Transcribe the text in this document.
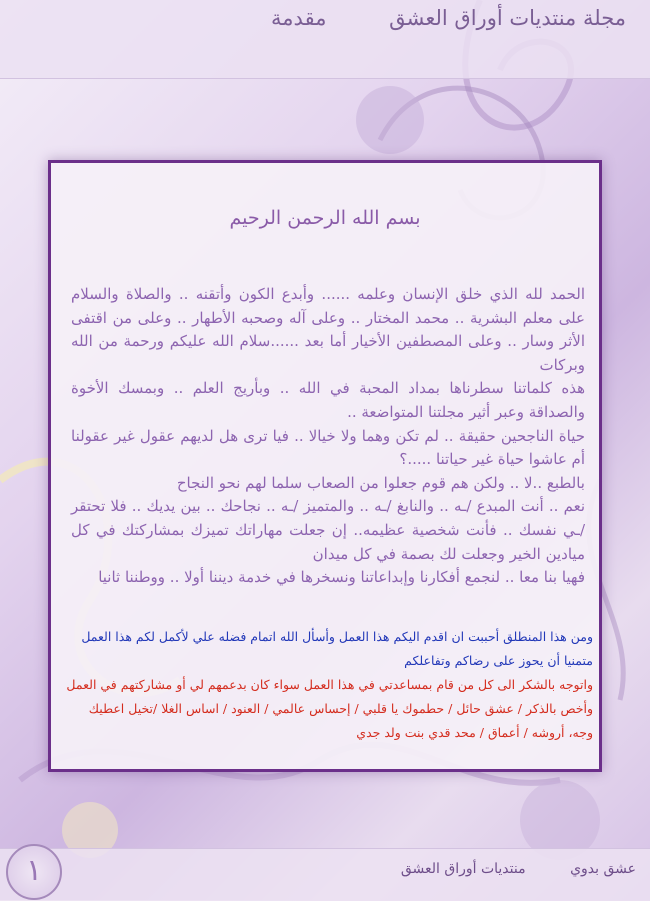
مجلة منتديات أوراق العشق مقدمة
بسم الله الرحمن الرحيم

الحمد لله الذي خلق الإنسان وعلمه ...... وأبدع الكون وأتقنه .. والصلاة والسلام على معلم البشرية .. محمد المختار .. وعلى آله وصحبه الأطهار .. وعلى من اقتفى الأثر وسار .. وعلى المصطفين الأخيار أما بعد ......سلام الله عليكم ورحمة من الله وبركات

هذه كلماتنا سطرناها بمداد المحبة في الله .. وبأريج العلم .. وبمسك الأخوة والصداقة وعبر أثير مجلتنا المتواضعة ..

حياة الناجحين حقيقة .. لم تكن وهما ولا خيالا .. فيا ترى هل لديهم عقول غير عقولنا أم عاشوا حياة غير حياتنا .....؟

بالطبع ..لا .. ولكن هم قوم جعلوا من الصعاب سلما لهم نحو النجاح

نعم .. أنت المبدع /ـه .. والنابغ /ـه .. والمتميز /ـه .. نجاحك .. بين يديك .. فلا تحتقر /ـي نفسك .. فأنت شخصية عظيمه.. إن جعلت مهاراتك تميزك بمشاركتك في كل ميادين الخير وجعلت لك بصمة في كل ميدان

فهيا بنا معا .. لنجمع أفكارنا وإبداعاتنا ونسخرها في خدمة ديننا أولا .. ووطننا ثانيا

ومن هذا المنطلق أحببت ان اقدم اليكم هذا العمل وأسأل الله اتمام فضله علي لأكمل لكم هذا العمل متمنيا أن يحوز على رضاكم وتفاعلكم
واتوجه بالشكر الى كل من قام بمساعدتي في هذا العمل سواء كان بدعمهم لي أو مشاركتهم في العمل وأخص بالذكر / عشق حائل / حطموك يا قلبي / إحساس عالمي / العنود / اساس الغلا /تخيل اعطيك وجه، أروشه / أعماق / محد قدي بنت ولد جدي
عشق بدوي منتديات أوراق العشق
١
